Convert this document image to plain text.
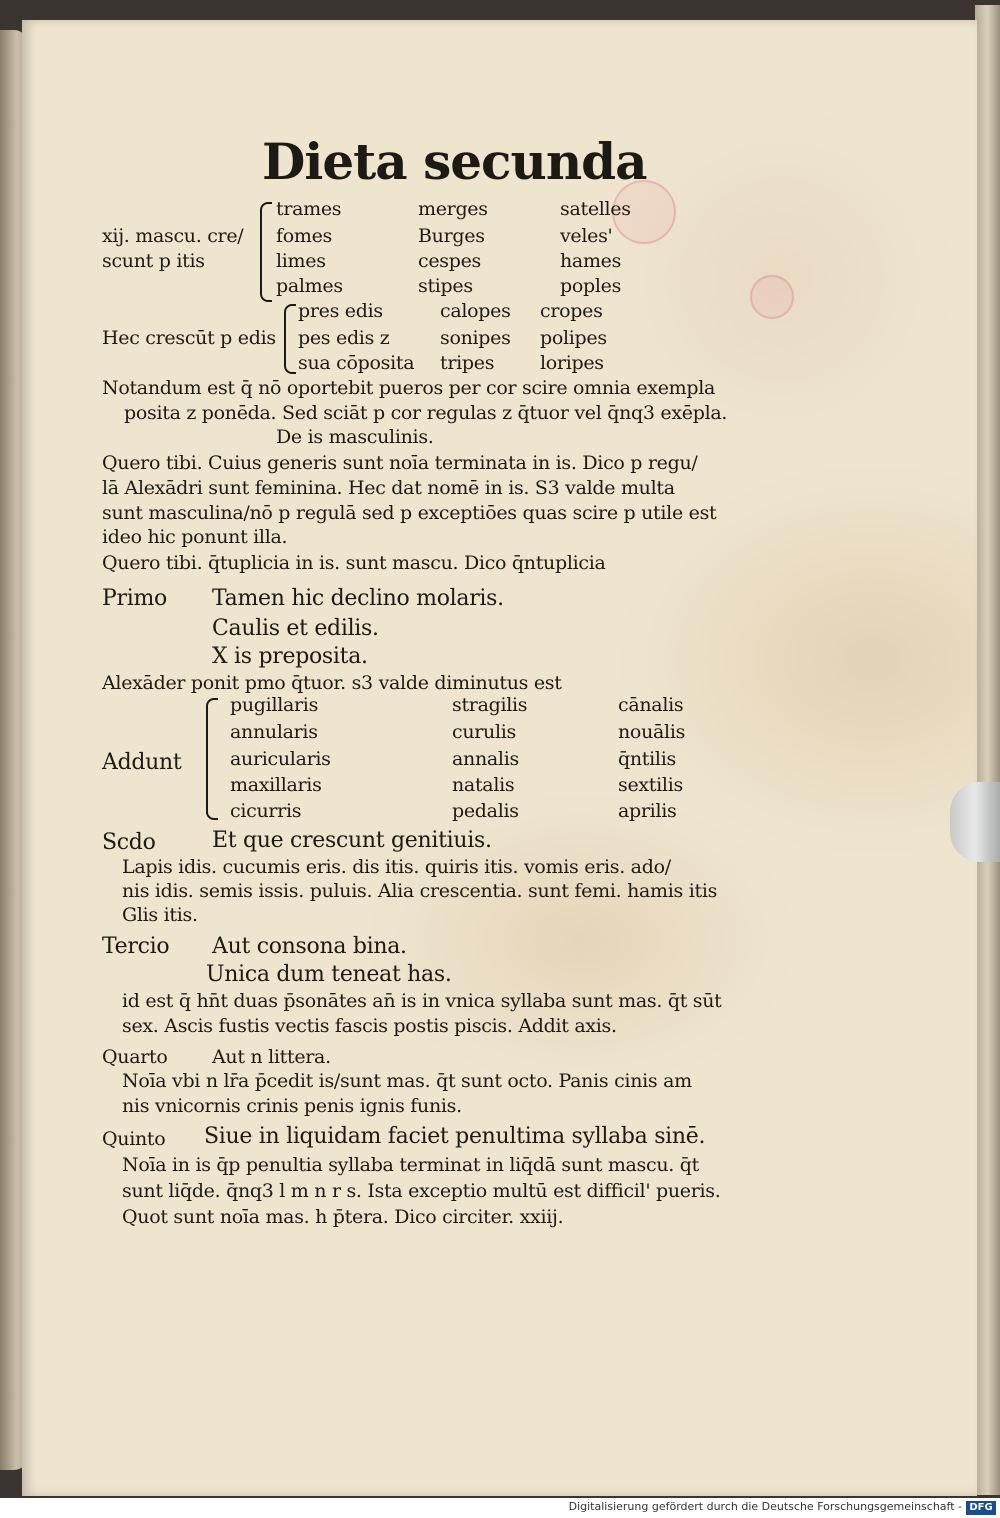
Dieta secunda
xij. mascu. cre/
scunt p itis
trames
fomes
limes
palmes
merges
Burges
cespes
stipes
satelles
veles'
hames
poples
Hec crescūt p edis
pres edis
pes edis z
sua cōposita
calopes
sonipes
tripes
cropes
polipes
loripes
Notandum est q̄ nō oportebit pueros per cor scire omnia exempla
posita z ponēda. Sed sciāt p cor regulas z q̄tuor vel q̄nq3 exēpla.
De is masculinis.
Quero tibi. Cuius generis sunt noīa terminata in is. Dico p regu/
lā Alexādri sunt feminina. Hec dat nomē in is. S3 valde multa
sunt masculina/nō p regulā sed p exceptiōes quas scire p utile est
ideo hic ponunt illa.
Quero tibi. q̄tuplicia in is. sunt mascu. Dico q̄ntuplicia
Primo Tamen hic declino molaris.
Caulis et edilis.
X is preposita.
Alexāder ponit pmo q̄tuor. s3 valde diminutus est
Addunt
pugillaris
annularis
auricularis
maxillaris
cicurris
stragilis
curulis
annalis
natalis
pedalis
cānalis
nouālis
q̄ntilis
sextilis
aprilis
Scdo	Et que crescunt genitiuis.
Lapis idis. cucumis eris. dis itis. quiris itis. vomis eris. ado/
nis idis. semis issis. puluis. Alia crescentia. sunt femi. hamis itis
Glis itis.
Tercio Aut consona bina.
Unica dum teneat has.
id est q̄ hn̄t duas p̄sonātes an̄ is in vnica syllaba sunt mas. q̄t sūt
sex. Ascis fustis vectis fascis postis piscis. Addit axis.
Quarto Aut n littera.
Noīa vbi n lr̄a p̄cedit is/sunt mas. q̄t sunt octo. Panis cinis am
nis vnicornis crinis penis ignis funis.
Quinto Siue in liquidam faciet penultima syllaba sinē.
Noīa in is q̄p penultia syllaba terminat in liq̄dā sunt mascu. q̄t
sunt liq̄de. q̄nq3 l m n r s. Ista exceptio multū est difficil' pueris.
Quot sunt noīa mas. h p̄tera. Dico circiter. xxiij.
Digitalisierung gefördert durch die Deutsche Forschungsgemeinschaft - DFG
